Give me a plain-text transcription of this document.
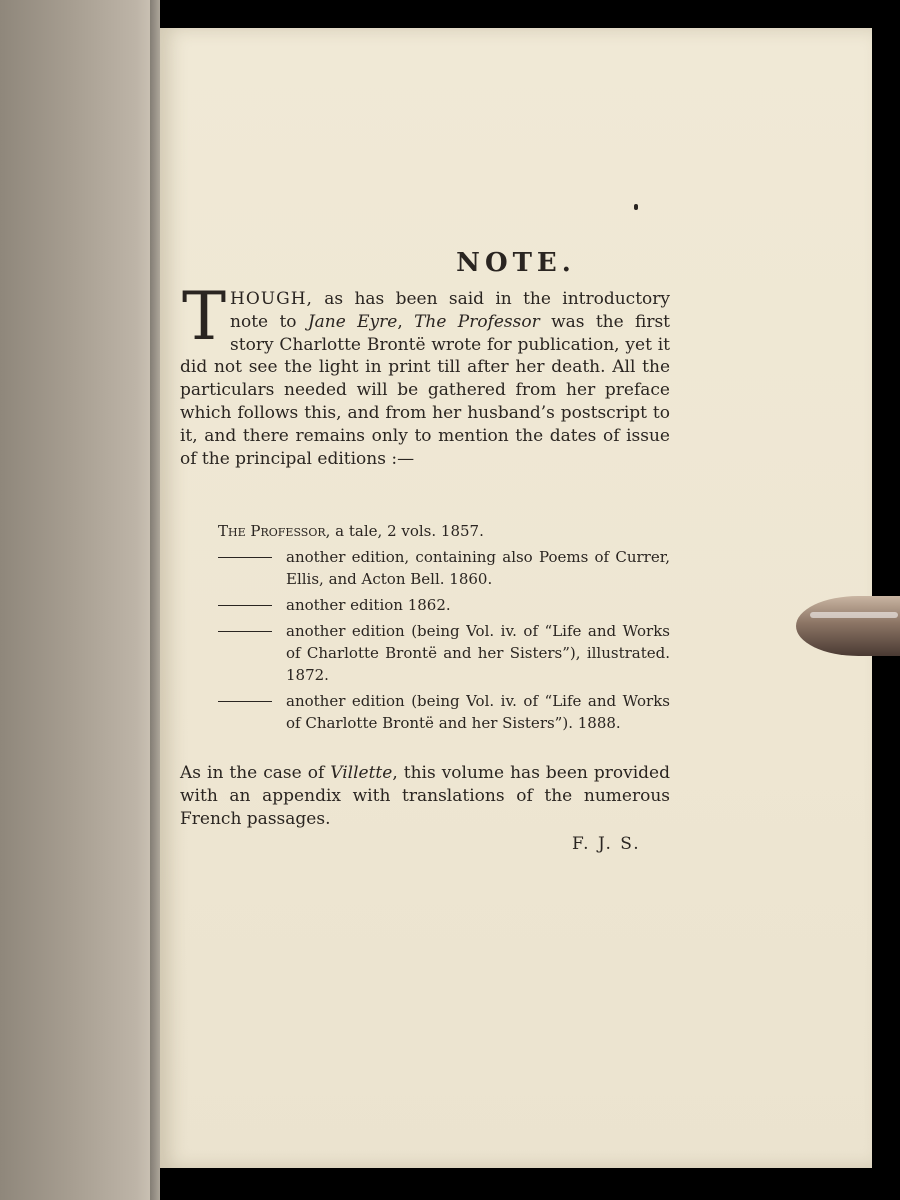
NOTE.
THOUGH, as has been said in the introductory note to Jane Eyre, The Professor was the first story Charlotte Brontë wrote for publication, yet it did not see the light in print till after her death. All the particulars needed will be gathered from her preface which follows this, and from her husband’s postscript to it, and there remains only to mention the dates of issue of the principal editions :—
The Professor, a tale, 2 vols. 1857.
another edition, containing also Poems of Currer, Ellis, and Acton Bell. 1860.
another edition 1862.
another edition (being Vol. iv. of “Life and Works of Charlotte Brontë and her Sisters”), illustrated. 1872.
another edition (being Vol. iv. of “Life and Works of Charlotte Brontë and her Sisters”). 1888.
As in the case of Villette, this volume has been provided with an appendix with translations of the numerous French passages.
F. J. S.
